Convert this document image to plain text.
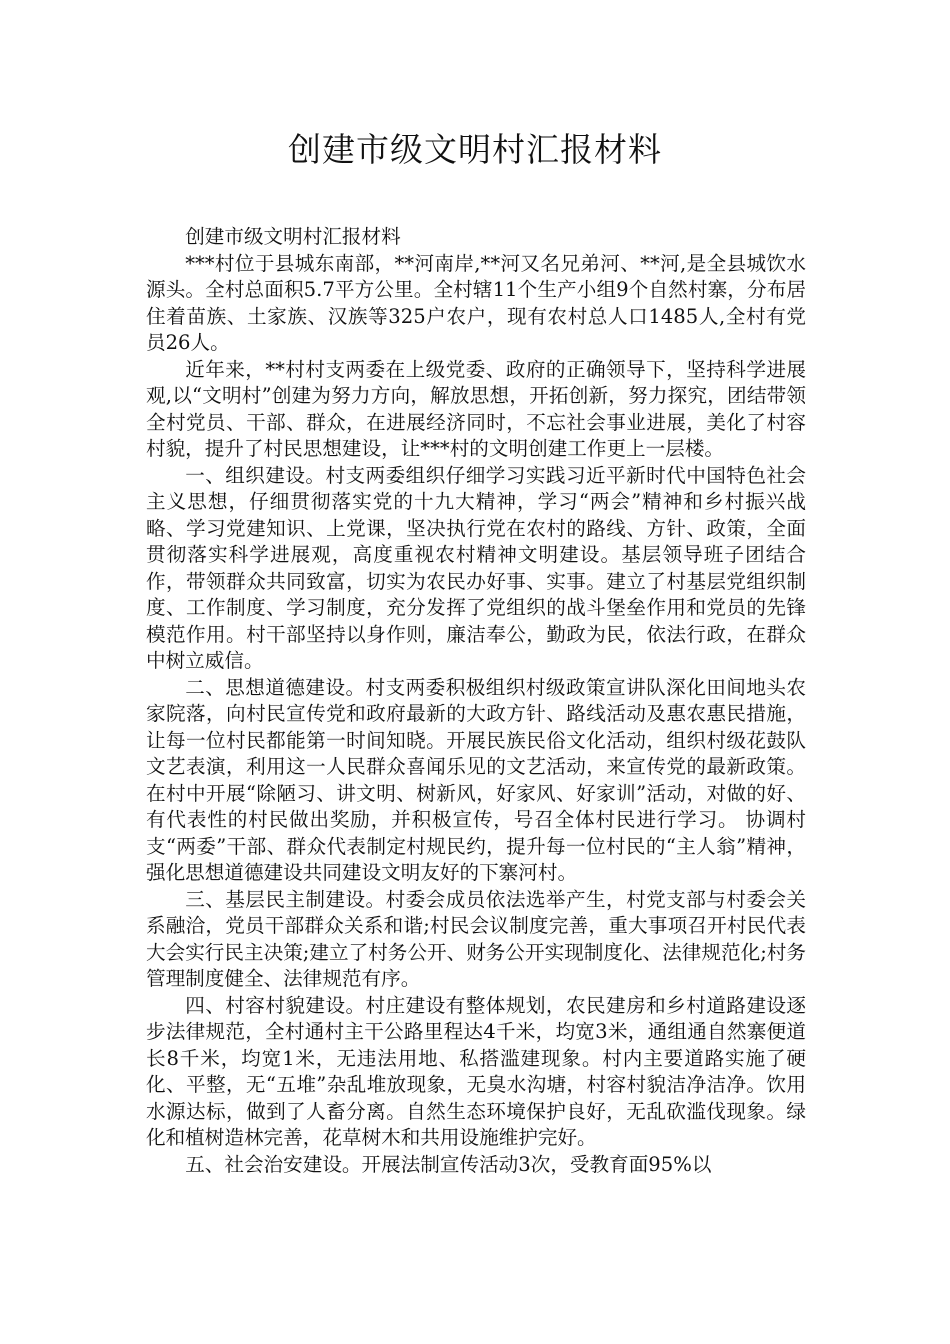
创建市级文明村汇报材料

创建市级文明村汇报材料

***村位于县城东南部，**河南岸,**河又名兄弟河、**河,是全县城饮水源头。全村总面积5.7平方公里。全村辖11个生产小组9个自然村寨，分布居住着苗族、土家族、汉族等325户农户，现有农村总人口1485人,全村有党员26人。

近年来，**村村支两委在上级党委、政府的正确领导下，坚持科学进展观,以“文明村”创建为努力方向，解放思想，开拓创新，努力探究，团结带领全村党员、干部、群众，在进展经济同时，不忘社会事业进展，美化了村容村貌，提升了村民思想建设，让***村的文明创建工作更上一层楼。

一、组织建设。村支两委组织仔细学习实践习近平新时代中国特色社会主义思想，仔细贯彻落实党的十九大精神，学习“两会”精神和乡村振兴战略、学习党建知识、上党课，坚决执行党在农村的路线、方针、政策，全面贯彻落实科学进展观，高度重视农村精神文明建设。基层领导班子团结合作，带领群众共同致富，切实为农民办好事、实事。建立了村基层党组织制度、工作制度、学习制度，充分发挥了党组织的战斗堡垒作用和党员的先锋模范作用。村干部坚持以身作则，廉洁奉公，勤政为民，依法行政，在群众中树立威信。

二、思想道德建设。村支两委积极组织村级政策宣讲队深化田间地头农家院落，向村民宣传党和政府最新的大政方针、路线活动及惠农惠民措施，让每一位村民都能第一时间知晓。开展民族民俗文化活动，组织村级花鼓队文艺表演，利用这一人民群众喜闻乐见的文艺活动，来宣传党的最新政策。在村中开展“除陋习、讲文明、树新风，好家风、好家训”活动，对做的好、有代表性的村民做出奖励，并积极宣传，号召全体村民进行学习。 协调村支“两委”干部、群众代表制定村规民约，提升每一位村民的“主人翁”精神，强化思想道德建设共同建设文明友好的下寨河村。

三、基层民主制建设。村委会成员依法选举产生，村党支部与村委会关系融洽，党员干部群众关系和谐;村民会议制度完善，重大事项召开村民代表大会实行民主决策;建立了村务公开、财务公开实现制度化、法律规范化;村务管理制度健全、法律规范有序。

四、村容村貌建设。村庄建设有整体规划，农民建房和乡村道路建设逐步法律规范，全村通村主干公路里程达4千米，均宽3米，通组通自然寨便道长8千米，均宽1米，无违法用地、私搭滥建现象。村内主要道路实施了硬化、平整，无“五堆”杂乱堆放现象，无臭水沟塘，村容村貌洁净洁净。饮用水源达标，做到了人畜分离。自然生态环境保护良好，无乱砍滥伐现象。绿化和植树造林完善，花草树木和共用设施维护完好。

五、社会治安建设。开展法制宣传活动3次，受教育面95%以
